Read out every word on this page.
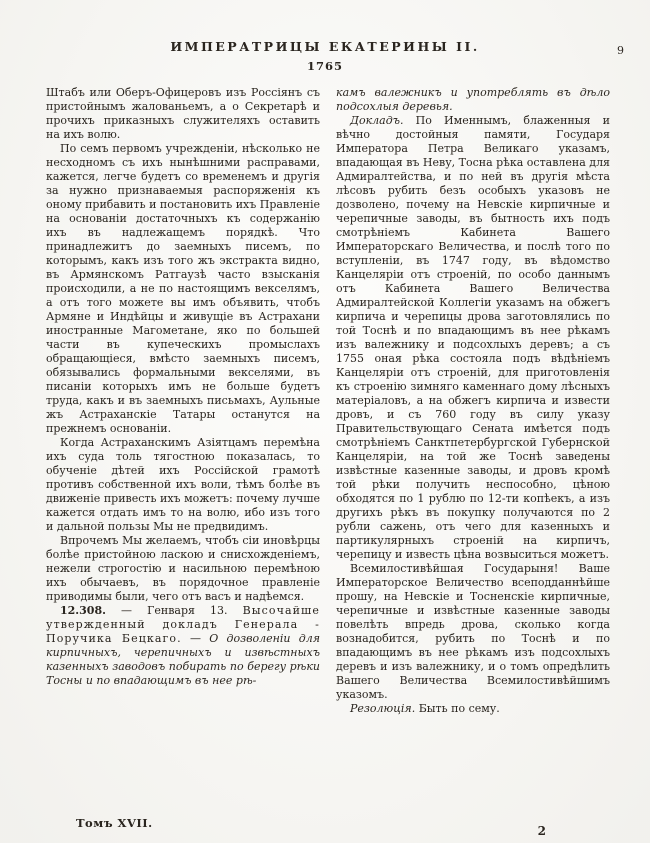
ИМПЕРАТРИЦЫ ЕКАТЕРИНЫ II.	9
1765

Штабъ или Оберъ-Офицеровъ изъ Россіянъ съ пристойнымъ жалованьемъ, а о Секретарѣ и прочихъ приказныхъ служителяхъ оставить на ихъ волю.

По семъ первомъ учрежденіи, нѣсколько не несходномъ съ ихъ нынѣшними расправами, кажется, легче будетъ со временемъ и другія за нужно признаваемыя распоряженія къ оному прибавить и постановить ихъ Правленіе на основаніи достаточныхъ къ содержанію ихъ въ надлежащемъ порядкѣ. Что принадлежитъ до заемныхъ писемъ, по которымъ, какъ изъ того жъ экстракта видно, въ Армянскомъ Ратгаузѣ часто взысканія происходили, а не по настоящимъ векселямъ, а отъ того можете вы имъ объявить, чтобъ Армяне и Индѣйцы и живущіе въ Астрахани иностранные Магометане, яко по большей части въ купеческихъ промыслахъ обращающіеся, вмѣсто заемныхъ писемъ, обязывались формальными векселями, въ писаніи которыхъ имъ не больше будетъ труда, какъ и въ заемныхъ письмахъ, Аульные жъ Астраханскіе Татары останутся на прежнемъ основаніи.

Когда Астраханскимъ Азіятцамъ перемѣна ихъ суда толь тягостною показалась, то обученіе дѣтей ихъ Россійской грамотѣ противъ собственной ихъ воли, тѣмъ болѣе въ движеніе привесть ихъ можетъ: почему лучше кажется отдать имъ то на волю, ибо изъ того и дальной пользы Мы не предвидимъ.

Впрочемъ Мы желаемъ, чтобъ сіи иновѣрцы болѣе пристойною ласкою и снисхожденіемъ, нежели строгостію и насильною перемѣною ихъ обычаевъ, въ порядочное правленіе приводимы были, чего отъ васъ и надѣемся.

12.308. — Генваря 13. Высочайше утвержденный докладъ Генерала - Поручика Бецкаго. — О дозволеніи для кирпичныхъ, черепичныхъ и извѣстныхъ казенныхъ заводовъ побирать по берегу рѣки Тосны и по впадающимъ въ нее рѣ-

камъ валежникъ и употреблять въ дѣло подсохлыя деревья.

Докладъ. По Именнымъ, блаженныя и вѣчно достойныя памяти, Государя Императора Петра Великаго указамъ, впадающая въ Неву, Тосна рѣка оставлена для Адмиралтейства, и по ней въ другія мѣста лѣсовъ рубить безъ особыхъ указовъ не дозволено, почему на Невскіе кирпичные и черепичные заводы, въ бытность ихъ подъ смотрѣніемъ Кабинета Вашего Императорскаго Величества, и послѣ того по вступленіи, въ 1747 году, въ вѣдомство Канцеляріи отъ строеній, по особо даннымъ отъ Кабинета Вашего Величества Адмиралтейской Коллегіи указамъ на обжегъ кирпича и черепицы дрова заготовлялись по той Тоснѣ и по впадающимъ въ нее рѣкамъ изъ валежнику и подсохлыхъ деревъ; а съ 1755 оная рѣка состояла подъ вѣдѣніемъ Канцеляріи отъ строеній, для приготовленія къ строенію зимняго каменнаго дому лѣсныхъ матеріаловъ, а на обжегъ кирпича и извести дровъ, и съ 760 году въ силу указу Правительствующаго Сената имѣется подъ смотрѣніемъ Санктпетербургской Губернской Канцеляріи, на той же Тоснѣ заведены извѣстные казенные заводы, и дровъ кромѣ той рѣки получить неспособно, цѣною обходятся по 1 рублю по 12-ти копѣекъ, а изъ другихъ рѣкъ въ покупку получаются по 2 рубли сажень, отъ чего для казенныхъ и партикулярныхъ строеній на кирпичъ, черепицу и известь цѣна возвыситься можетъ.

Всемилостивѣйшая Государыня! Ваше Императорское Величество всеподданнѣйше прошу, на Невскіе и Тосненскіе кирпичные, черепичные и извѣстные казенные заводы повелѣть впредь дрова, сколько когда вознадобится, рубить по Тоснѣ и по впадающимъ въ нее рѣкамъ изъ подсохлыхъ деревъ и изъ валежнику, и о томъ опредѣлить Вашего Величества Всемилостивѣйшимъ указомъ.

Резолюція. Быть по сему.

Томъ XVII.
2
